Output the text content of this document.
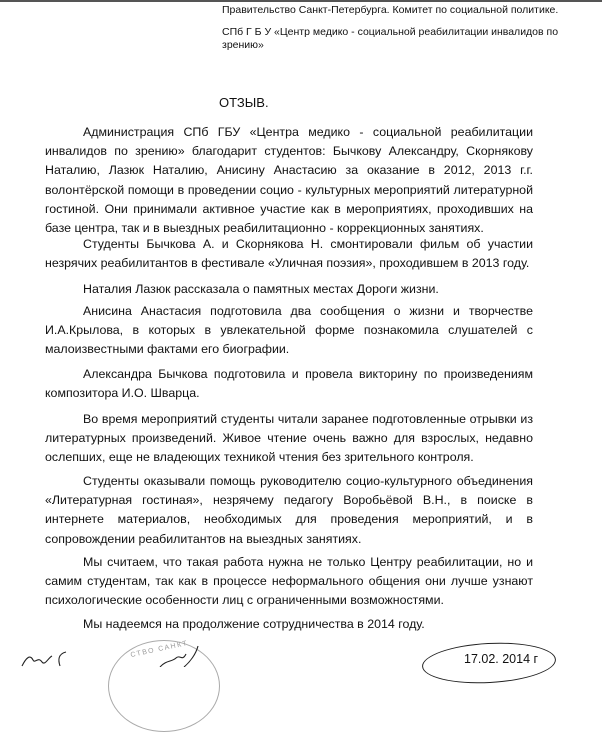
Правительство Санкт-Петербурга. Комитет по социальной политике.
СПб Г Б У «Центр медико - социальной реабилитации инвалидов по зрению»
ОТЗЫВ.

Администрация СПб ГБУ «Центра медико - социальной реабилитации инвалидов по зрению» благодарит студентов: Бычкову Александру, Скорнякову Наталию, Лазюк Наталию, Анисину Анастасию за оказание в 2012, 2013 г.г. волонтёрской помощи в проведении социо - культурных мероприятий литературной гостиной. Они принимали активное участие как в мероприятиях, проходивших на базе центра, так и в выездных реабилитационно - коррекционных занятиях.

Студенты Бычкова А. и Скорнякова Н. смонтировали фильм об участии незрячих реабилитантов в фестивале «Уличная поэзия», проходившем в 2013 году.

Наталия Лазюк рассказала о памятных местах Дороги жизни.

Анисина Анастасия подготовила два сообщения о жизни и творчестве И.А.Крылова, в которых в увлекательной форме познакомила слушателей с малоизвестными фактами его биографии.

Александра Бычкова подготовила и провела викторину по произведениям композитора И.О. Шварца.

Во время мероприятий студенты читали заранее подготовленные отрывки из литературных произведений. Живое чтение очень важно для взрослых, недавно ослепших, еще не владеющих техникой чтения без зрительного контроля.

Студенты оказывали помощь руководителю социо-культурного объединения «Литературная гостиная», незрячему педагогу Воробьёвой В.Н., в поиске в интернете материалов, необходимых для проведения мероприятий, и в сопровождении реабилитантов на выездных занятиях.

Мы считаем, что такая работа нужна не только Центру реабилитации, но и самим студентам, так как в процессе неформального общения они лучше узнают психологические особенности лиц с ограниченными возможностями.

Мы надеемся на продолжение сотрудничества в 2014 году.

СТВО САНКТ	17.02. 2014 г
